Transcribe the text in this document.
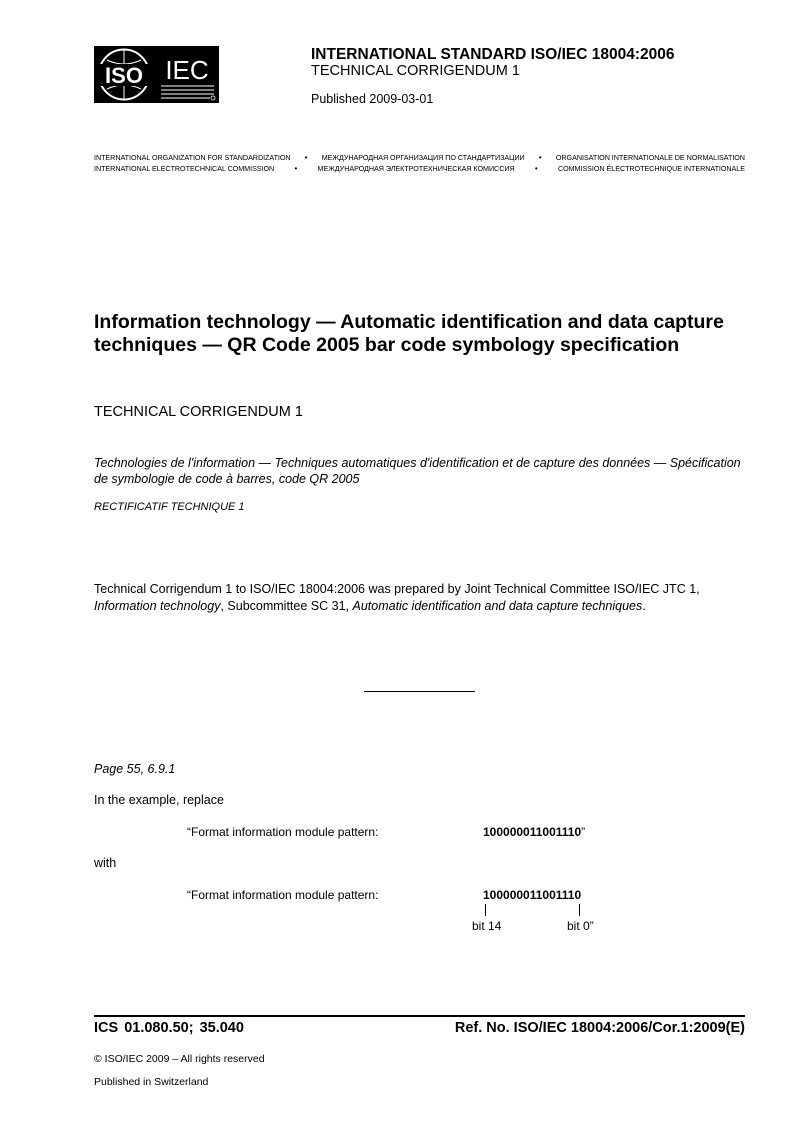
ISO IEC
INTERNATIONAL STANDARD ISO/IEC 18004:2006
TECHNICAL CORRIGENDUM 1
Published 2009-03-01
INTERNATIONAL ORGANIZATION FOR STANDARDIZATION • МЕЖДУНАРОДНАЯ ОРГАНИЗАЦИЯ ПО СТАНДАРТИЗАЦИИ • ORGANISATION INTERNATIONALE DE NORMALISATION
INTERNATIONAL ELECTROTECHNICAL COMMISSION	•	МЕЖДУНАРОДНАЯ ЭЛЕКТРОТЕХНИЧЕСКАЯ КОМИССИЯ	•	COMMISSION ÉLECTROTECHNIQUE INTERNATIONALE
Information technology — Automatic identification and data capture techniques — QR Code 2005 bar code symbology specification
TECHNICAL CORRIGENDUM 1
Technologies de l'information — Techniques automatiques d'identification et de capture des données — Spécification de symbologie de code à barres, code QR 2005
RECTIFICATIF TECHNIQUE 1
Technical Corrigendum 1 to ISO/IEC 18004:2006 was prepared by Joint Technical Committee ISO/IEC JTC 1, Information technology, Subcommittee SC 31, Automatic identification and data capture techniques.
Page 55, 6.9.1
In the example, replace
“Format information module pattern:	100000011001110”
with
“Format information module pattern:	100000011001110
bit 14	bit 0”
ICS 01.080.50; 35.040	Ref. No. ISO/IEC 18004:2006/Cor.1:2009(E)
© ISO/IEC 2009 – All rights reserved
Published in Switzerland
